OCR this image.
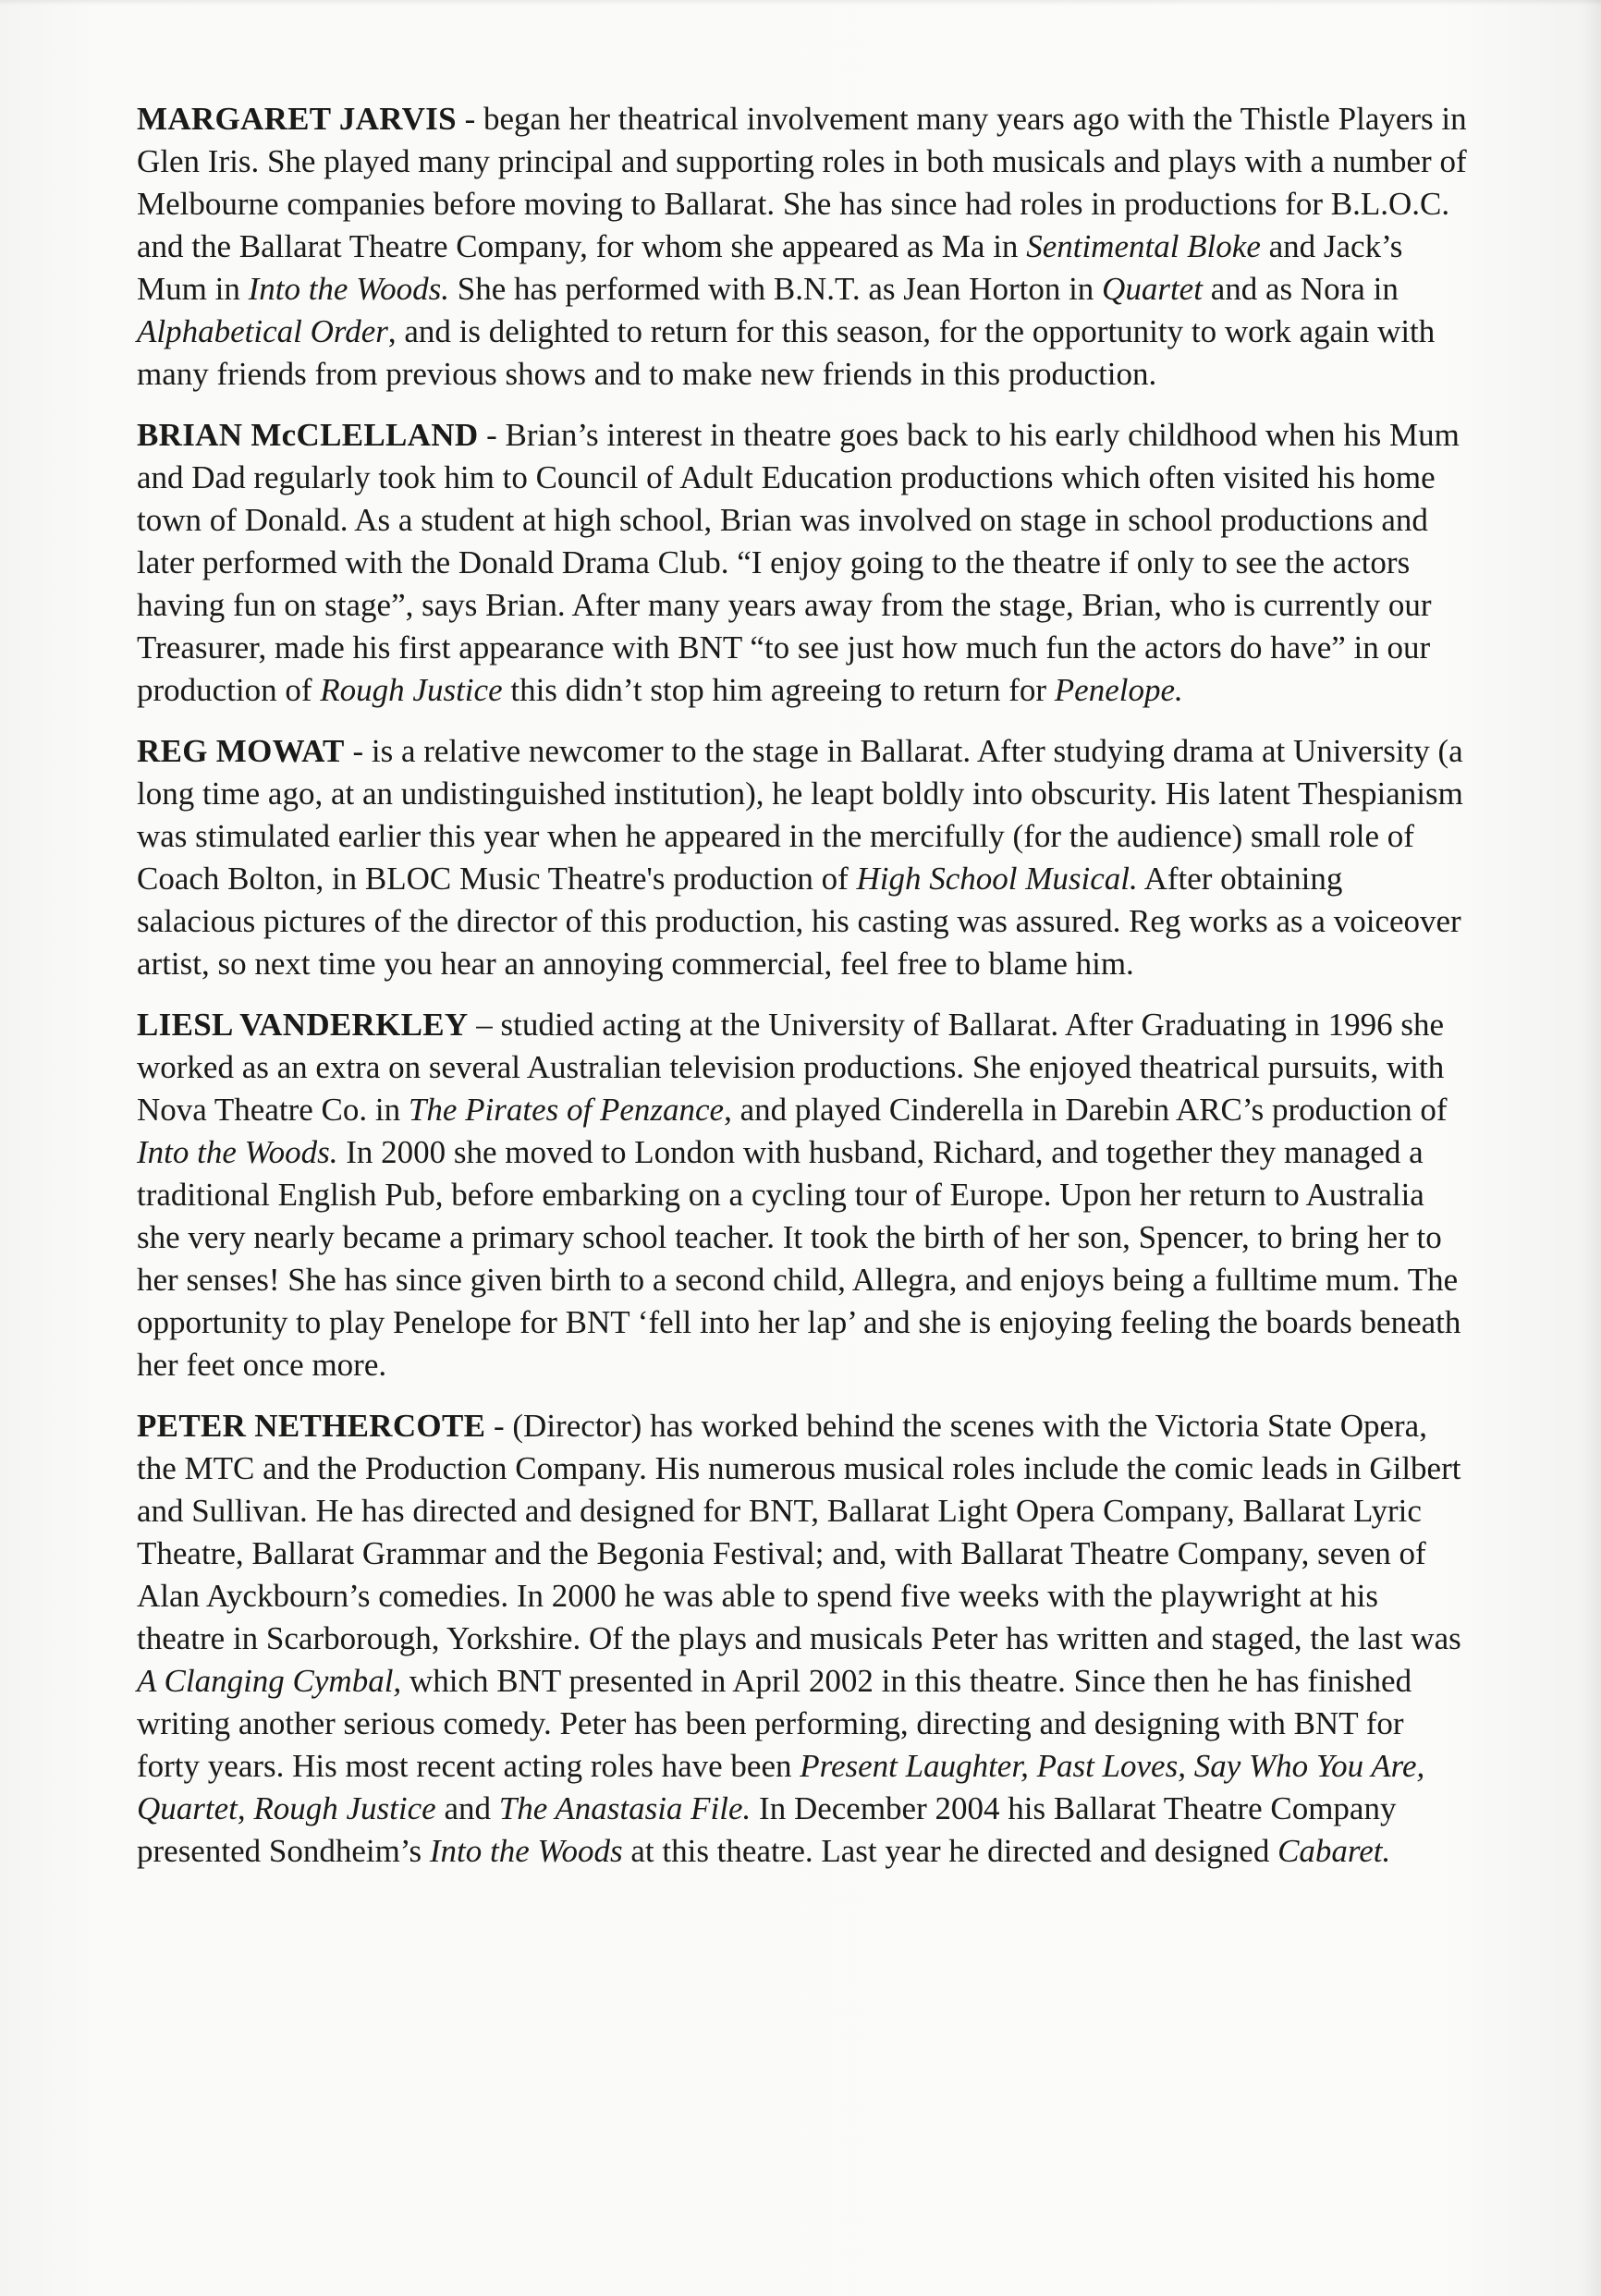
MARGARET JARVIS - began her theatrical involvement many years ago with the Thistle Players in Glen Iris. She played many principal and supporting roles in both musicals and plays with a number of Melbourne companies before moving to Ballarat. She has since had roles in productions for B.L.O.C. and the Ballarat Theatre Company, for whom she appeared as Ma in Sentimental Bloke and Jack’s Mum in Into the Woods. She has performed with B.N.T. as Jean Horton in Quartet and as Nora in Alphabetical Order, and is delighted to return for this season, for the opportunity to work again with many friends from previous shows and to make new friends in this production.

BRIAN McCLELLAND - Brian’s interest in theatre goes back to his early childhood when his Mum and Dad regularly took him to Council of Adult Education productions which often visited his home town of Donald. As a student at high school, Brian was involved on stage in school productions and later performed with the Donald Drama Club. “I enjoy going to the theatre if only to see the actors having fun on stage”, says Brian. After many years away from the stage, Brian, who is currently our Treasurer, made his first appearance with BNT “to see just how much fun the actors do have” in our production of Rough Justice this didn’t stop him agreeing to return for Penelope.

REG MOWAT - is a relative newcomer to the stage in Ballarat. After studying drama at University (a long time ago, at an undistinguished institution), he leapt boldly into obscurity. His latent Thespianism was stimulated earlier this year when he appeared in the mercifully (for the audience) small role of Coach Bolton, in BLOC Music Theatre's production of High School Musical. After obtaining salacious pictures of the director of this production, his casting was assured. Reg works as a voiceover artist, so next time you hear an annoying commercial, feel free to blame him.

LIESL VANDERKLEY – studied acting at the University of Ballarat. After Graduating in 1996 she worked as an extra on several Australian television productions. She enjoyed theatrical pursuits, with Nova Theatre Co. in The Pirates of Penzance, and played Cinderella in Darebin ARC’s production of Into the Woods. In 2000 she moved to London with husband, Richard, and together they managed a traditional English Pub, before embarking on a cycling tour of Europe. Upon her return to Australia she very nearly became a primary school teacher. It took the birth of her son, Spencer, to bring her to her senses! She has since given birth to a second child, Allegra, and enjoys being a fulltime mum. The opportunity to play Penelope for BNT ‘fell into her lap’ and she is enjoying feeling the boards beneath her feet once more.

PETER NETHERCOTE - (Director) has worked behind the scenes with the Victoria State Opera, the MTC and the Production Company. His numerous musical roles include the comic leads in Gilbert and Sullivan. He has directed and designed for BNT, Ballarat Light Opera Company, Ballarat Lyric Theatre, Ballarat Grammar and the Begonia Festival; and, with Ballarat Theatre Company, seven of Alan Ayckbourn’s comedies. In 2000 he was able to spend five weeks with the playwright at his theatre in Scarborough, Yorkshire. Of the plays and musicals Peter has written and staged, the last was A Clanging Cymbal, which BNT presented in April 2002 in this theatre. Since then he has finished writing another serious comedy. Peter has been performing, directing and designing with BNT for forty years. His most recent acting roles have been Present Laughter, Past Loves, Say Who You Are, Quartet, Rough Justice and The Anastasia File. In December 2004 his Ballarat Theatre Company presented Sondheim’s Into the Woods at this theatre. Last year he directed and designed Cabaret.
